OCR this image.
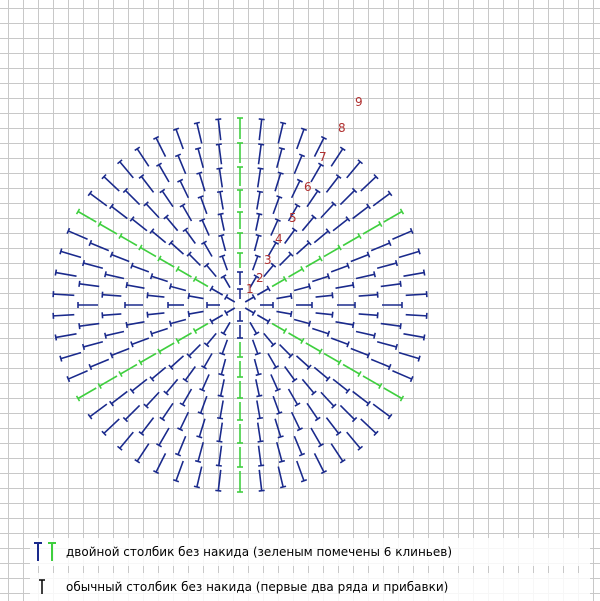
1
2
3
4
5
6
7
8
9
двойной столбик без накида (зеленым помечены 6 клиньев)
обычный столбик без накида (первые два ряда и прибавки)
